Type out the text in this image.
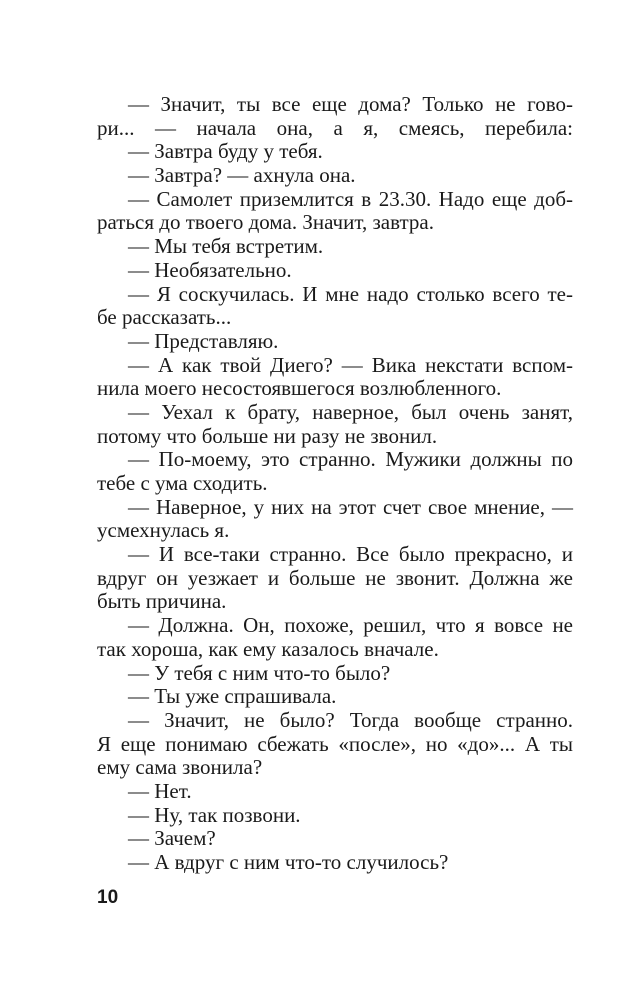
— Значит, ты все еще дома? Только не гово-
ри... — начала она, а я, смеясь, перебила:
— Завтра буду у тебя.
— Завтра? — ахнула она.
— Самолет приземлится в 23.30. Надо еще доб-
раться до твоего дома. Значит, завтра.
— Мы тебя встретим.
— Необязательно.
— Я соскучилась. И мне надо столько всего те-
бе рассказать...
— Представляю.
— А как твой Диего? — Вика некстати вспом-
нила моего несостоявшегося возлюбленного.
— Уехал к брату, наверное, был очень занят,
потому что больше ни разу не звонил.
— По-моему, это странно. Мужики должны по
тебе с ума сходить.
— Наверное, у них на этот счет свое мнение, —
усмехнулась я.
— И все-таки странно. Все было прекрасно, и
вдруг он уезжает и больше не звонит. Должна же
быть причина.
— Должна. Он, похоже, решил, что я вовсе не
так хороша, как ему казалось вначале.
— У тебя с ним что-то было?
— Ты уже спрашивала.
— Значит, не было? Тогда вообще странно.
Я еще понимаю сбежать «после», но «до»... А ты
ему сама звонила?
— Нет.
— Ну, так позвони.
— Зачем?
— А вдруг с ним что-то случилось?
10
